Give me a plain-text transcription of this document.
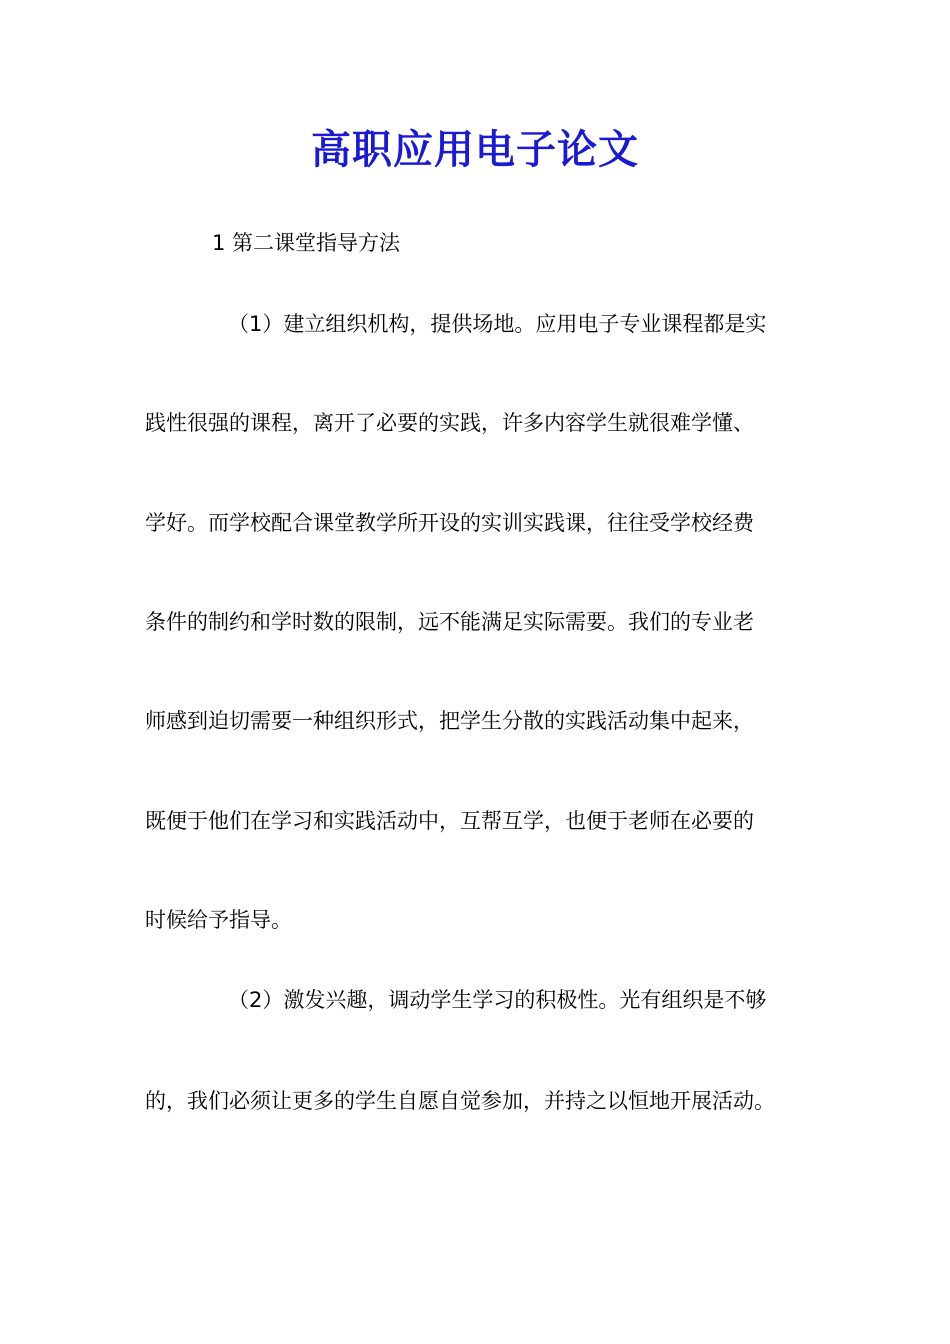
高职应用电子论文
1 第二课堂指导方法
（1）建立组织机构，提供场地。应用电子专业课程都是实
践性很强的课程，离开了必要的实践，许多内容学生就很难学懂、
学好。而学校配合课堂教学所开设的实训实践课，往往受学校经费
条件的制约和学时数的限制，远不能满足实际需要。我们的专业老
师感到迫切需要一种组织形式，把学生分散的实践活动集中起来，
既便于他们在学习和实践活动中，互帮互学，也便于老师在必要的
时候给予指导。
（2）激发兴趣，调动学生学习的积极性。光有组织是不够
的，我们必须让更多的学生自愿自觉参加，并持之以恒地开展活动。
